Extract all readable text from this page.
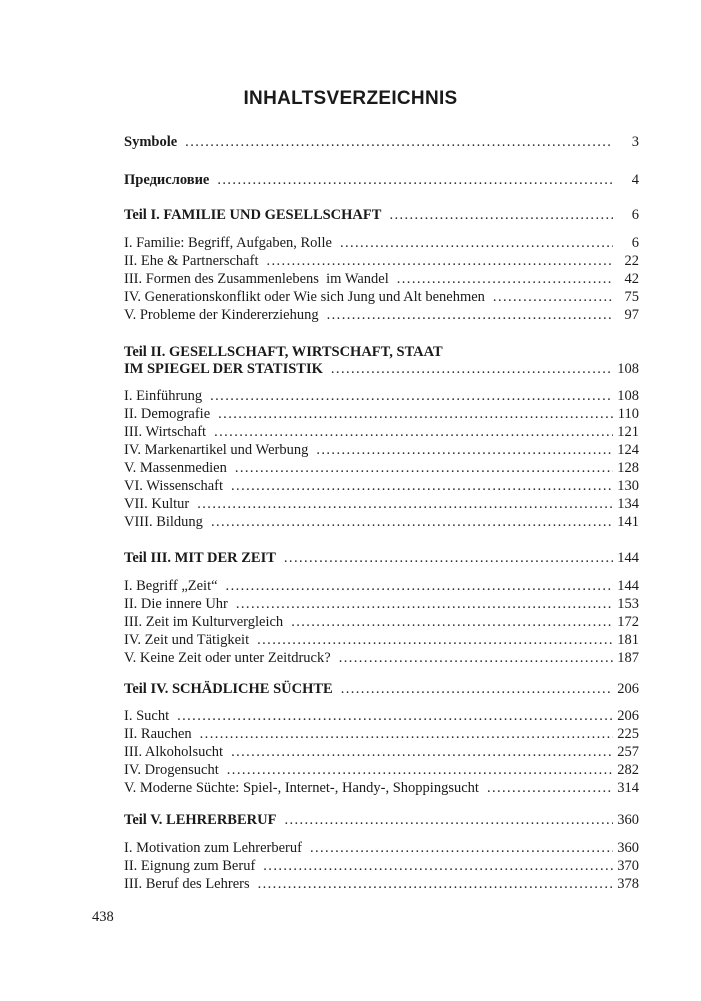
INHALTSVERZEICHNIS
Symbole .....	3
Предисловие .....	4
Teil I. FAMILIE UND GESELLSCHAFT .....	6
I. Familie: Begriff, Aufgaben, Rolle .....	6
II. Ehe & Partnerschaft .....	22
III. Formen des Zusammenlebens  im Wandel .....	42
IV. Generationskonflikt oder Wie sich Jung und Alt benehmen .....	75
V. Probleme der Kindererziehung .....	97
Teil II. GESELLSCHAFT, WIRTSCHAFT, STAAT
IM SPIEGEL DER STATISTIK .....	108
I. Einführung .....	108
II. Demografie .....	110
III. Wirtschaft .....	121
IV. Markenartikel und Werbung .....	124
V. Massenmedien .....	128
VI. Wissenschaft .....	130
VII. Kultur .....	134
VIII. Bildung .....	141
Teil III. MIT DER ZEIT .....	144
I. Begriff „Zeit“ .....	144
II. Die innere Uhr .....	153
III. Zeit im Kulturvergleich .....	172
IV. Zeit und Tätigkeit .....	181
V. Keine Zeit oder unter Zeitdruck? .....	187
Teil IV. SCHÄDLICHE SÜCHTE .....	206
I. Sucht .....	206
II. Rauchen .....	225
III. Alkoholsucht .....	257
IV. Drogensucht .....	282
V. Moderne Süchte: Spiel-, Internet-, Handy-, Shoppingsucht .....	314
Teil V. LEHRERBERUF .....	360
I. Motivation zum Lehrerberuf .....	360
II. Eignung zum Beruf .....	370
III. Beruf des Lehrers .....	378
438
